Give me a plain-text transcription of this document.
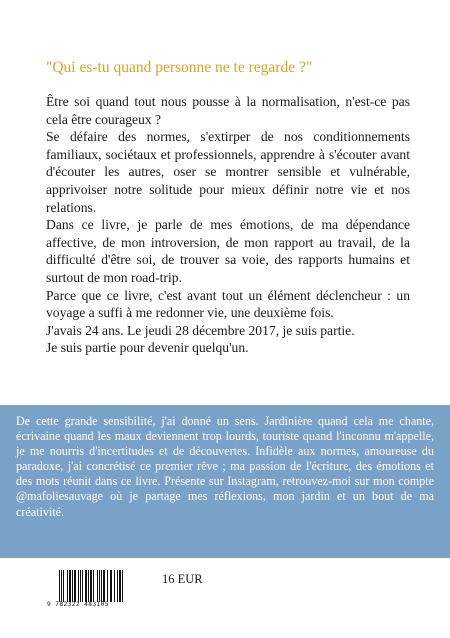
"Qui es-tu quand personne ne te regarde ?"

Être soi quand tout nous pousse à la normalisation, n'est-ce pas cela être courageux ?

Se défaire des normes, s'extirper de nos conditionnements familiaux, sociétaux et professionnels, apprendre à s'écouter avant d'écouter les autres, oser se montrer sensible et vulnérable, apprivoiser notre solitude pour mieux définir notre vie et nos relations.

Dans ce livre, je parle de mes émotions, de ma dépendance affective, de mon introversion, de mon rapport au travail, de la difficulté d'être soi, de trouver sa voie, des rapports humains et surtout de mon road-trip.

Parce que ce livre, c'est avant tout un élément déclencheur : un voyage a suffi à me redonner vie, une deuxième fois.

J'avais 24 ans. Le jeudi 28 décembre 2017, je suis partie.

Je suis partie pour devenir quelqu'un.

De cette grande sensibilité, j'ai donné un sens. Jardinière quand cela me chante, écrivaine quand les maux deviennent trop lourds, touriste quand l'inconnu m'appelle, je me nourris d'incertitudes et de découvertes. Infidèle aux normes, amoureuse du paradoxe, j'ai concrétisé ce premier rêve ; ma passion de l'écriture, des émotions et des mots réunit dans ce livre. Présente sur Instagram, retrouvez-moi sur mon compte @mafoliesauvage où je partage mes réflexions, mon jardin et un bout de ma créativité.

9 782322 483105
16 EUR
